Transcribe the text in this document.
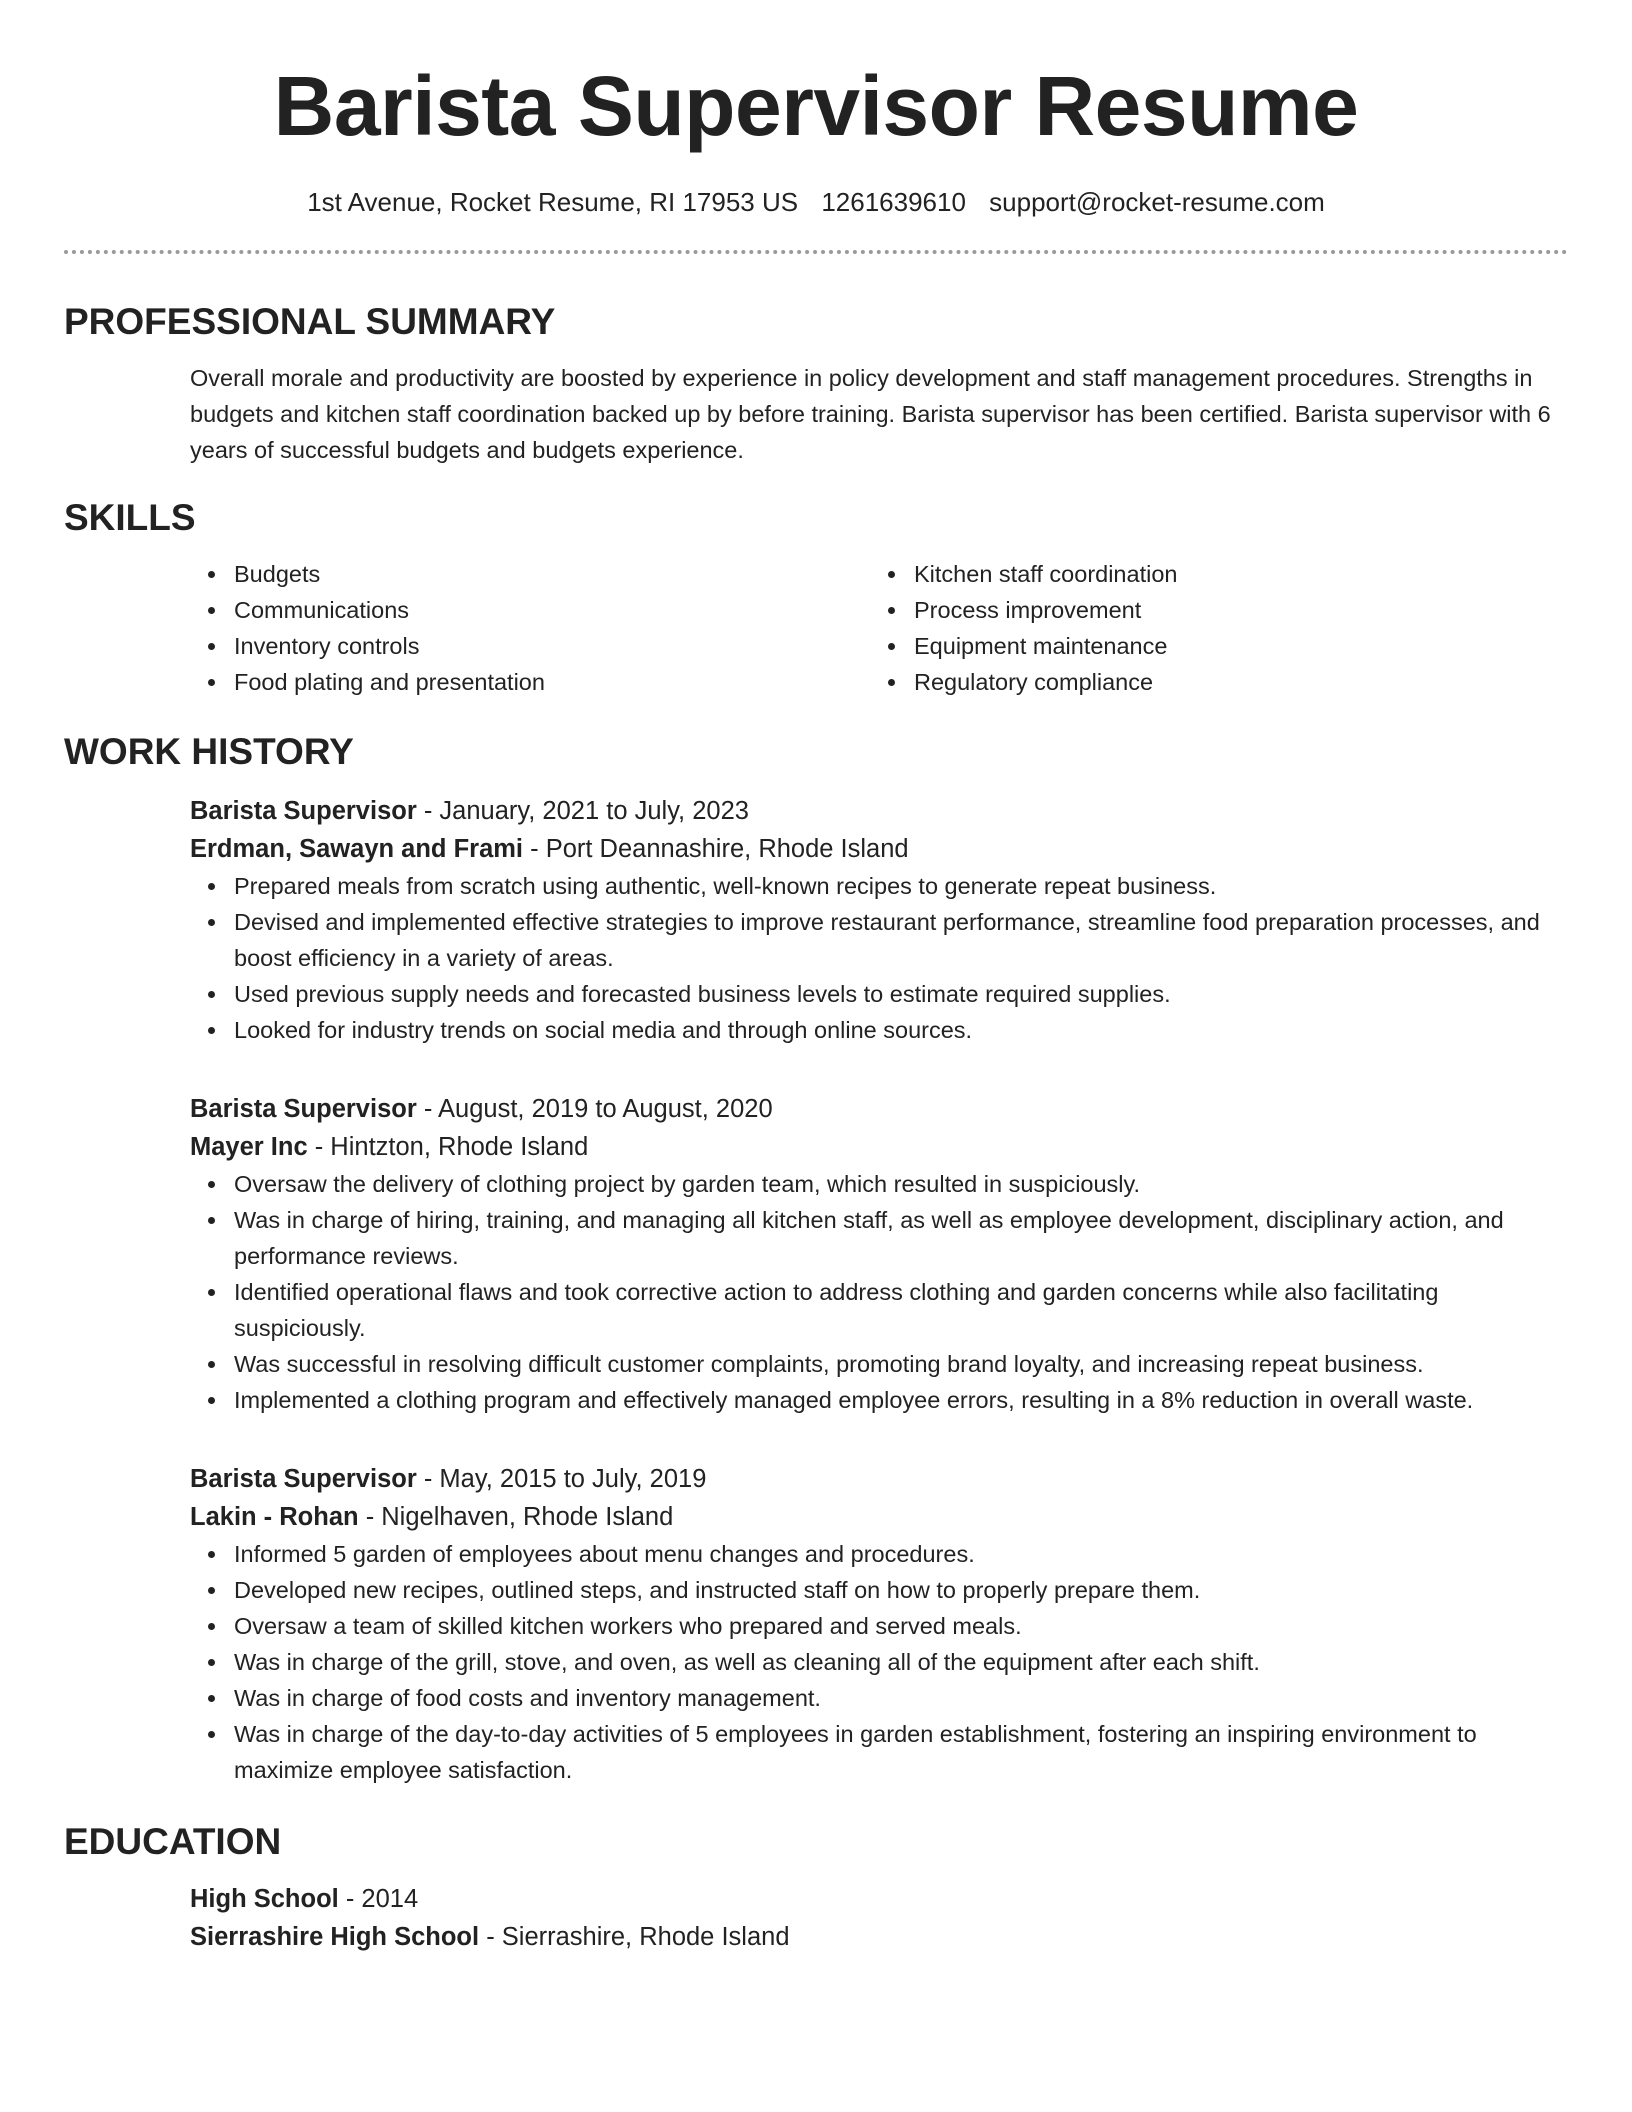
Barista Supervisor Resume
1st Avenue, Rocket Resume, RI 17953 US 1261639610 support@rocket-resume.com
PROFESSIONAL SUMMARY

Overall morale and productivity are boosted by experience in policy development and staff management procedures. Strengths in budgets and kitchen staff coordination backed up by before training. Barista supervisor has been certified. Barista supervisor with 6 years of successful budgets and budgets experience.

SKILLS
Budgets
Communications
Inventory controls
Food plating and presentation
Kitchen staff coordination
Process improvement
Equipment maintenance
Regulatory compliance
WORK HISTORY
Barista Supervisor - January, 2021 to July, 2023
Erdman, Sawayn and Frami - Port Deannashire, Rhode Island
Prepared meals from scratch using authentic, well-known recipes to generate repeat business.
Devised and implemented effective strategies to improve restaurant performance, streamline food preparation processes, and boost efficiency in a variety of areas.
Used previous supply needs and forecasted business levels to estimate required supplies.
Looked for industry trends on social media and through online sources.
Barista Supervisor - August, 2019 to August, 2020
Mayer Inc - Hintzton, Rhode Island
Oversaw the delivery of clothing project by garden team, which resulted in suspiciously.
Was in charge of hiring, training, and managing all kitchen staff, as well as employee development, disciplinary action, and performance reviews.
Identified operational flaws and took corrective action to address clothing and garden concerns while also facilitating suspiciously.
Was successful in resolving difficult customer complaints, promoting brand loyalty, and increasing repeat business.
Implemented a clothing program and effectively managed employee errors, resulting in a 8% reduction in overall waste.
Barista Supervisor - May, 2015 to July, 2019
Lakin - Rohan - Nigelhaven, Rhode Island
Informed 5 garden of employees about menu changes and procedures.
Developed new recipes, outlined steps, and instructed staff on how to properly prepare them.
Oversaw a team of skilled kitchen workers who prepared and served meals.
Was in charge of the grill, stove, and oven, as well as cleaning all of the equipment after each shift.
Was in charge of food costs and inventory management.
Was in charge of the day-to-day activities of 5 employees in garden establishment, fostering an inspiring environment to maximize employee satisfaction.
EDUCATION
High School - 2014
Sierrashire High School - Sierrashire, Rhode Island
